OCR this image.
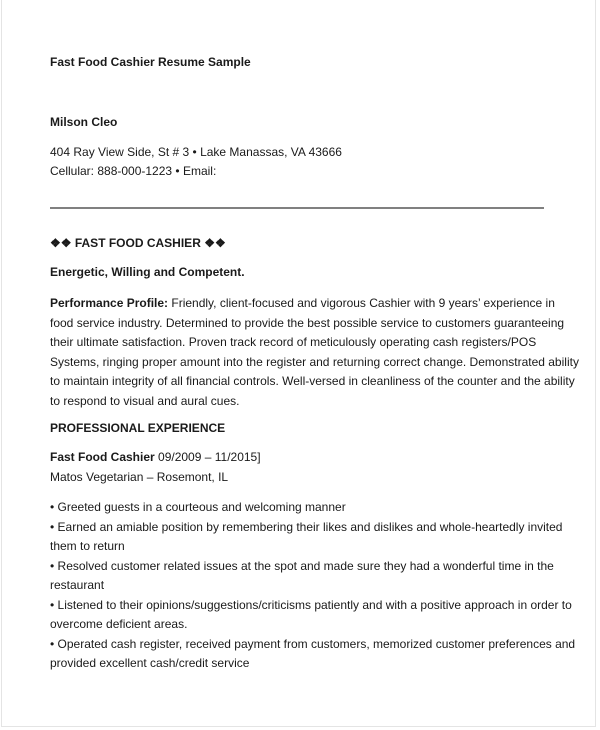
Fast Food Cashier Resume Sample
Milson Cleo
404 Ray View Side, St # 3 • Lake Manassas, VA 43666
Cellular: 888-000-1223 • Email:
❖❖ FAST FOOD CASHIER ❖❖
Energetic, Willing and Competent.
Performance Profile: Friendly, client-focused and vigorous Cashier with 9 years’ experience in
food service industry. Determined to provide the best possible service to customers guaranteeing
their ultimate satisfaction. Proven track record of meticulously operating cash registers/POS
Systems, ringing proper amount into the register and returning correct change. Demonstrated ability
to maintain integrity of all financial controls. Well-versed in cleanliness of the counter and the ability
to respond to visual and aural cues.
PROFESSIONAL EXPERIENCE
Fast Food Cashier 09/2009 – 11/2015]
Matos Vegetarian – Rosemont, IL
• Greeted guests in a courteous and welcoming manner
• Earned an amiable position by remembering their likes and dislikes and whole-heartedly invited
them to return
• Resolved customer related issues at the spot and made sure they had a wonderful time in the
restaurant
• Listened to their opinions/suggestions/criticisms patiently and with a positive approach in order to
overcome deficient areas.
• Operated cash register, received payment from customers, memorized customer preferences and
provided excellent cash/credit service
